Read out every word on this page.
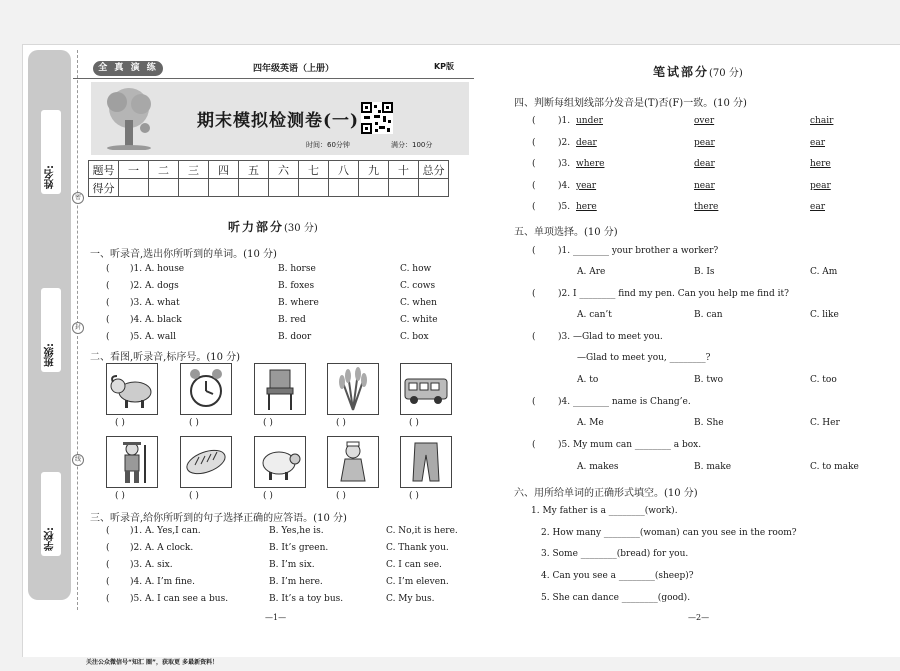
姓名:
班级:
学校:
密
封
线
全 真 演 练	四年级英语（上册）	KP版
期末模拟检测卷(一)
时间：60分钟	满分：100分
题号	一	二	三	四	五	六	七	八	九	十	总分
得分											
听力部分(30 分)
一、听录音,选出你所听到的单词。(10 分)
( )1. A. house	B. horse	C. how
( )2. A. dogs	B. foxes	C. cows
( )3. A. what	B. where	C. when
( )4. A. black	B. red	C. white
( )5. A. wall	B. door	C. box
二、看图,听录音,标序号。(10 分)
( )	( )	( )	( )	( )
( )	( )	( )	( )	( )
三、听录音,给你所听到的句子选择正确的应答语。(10 分)
( )1. A. Yes,I can.	B. Yes,he is.	C. No,it is here.
( )2. A. A clock.	B. It’s green.	C. Thank you.
( )3. A. six.	B. I’m six.	C. I can see.
( )4. A. I’m fine.	B. I’m here.	C. I’m eleven.
( )5. A. I can see a bus.	B. It’s a toy bus.	C. My bus.
—1—
笔试部分(70 分)
四、判断每组划线部分发音是(T)否(F)一致。(10 分)
( )1. under	over	chair
( )2. dear	pear	ear
( )3. where	dear	here
( )4. year	near	pear
( )5. here	there	ear
五、单项选择。(10 分)
( )1. ________ your brother a worker?
A. Are	B. Is	C. Am
( )2. I ________ find my pen. Can you help me find it?
A. can’t	B. can	C. like
( )3. —Glad to meet you.
—Glad to meet you, ________?
A. to	B. two	C. too
( )4. ________ name is Chang’e.
A. Me	B. She	C. Her
( )5. My mum can ________ a box.
A. makes	B. make	C. to make
六、用所给单词的正确形式填空。(10 分)
1. My father is a ________(work).
2. How many ________(woman) can you see in the room?
3. Some ________(bread) for you.
4. Can you see a ________(sheep)?
5. She can dance ________(good).
—2—
关注公众微信号“知汇 圈”，获取更 多最新资料！
